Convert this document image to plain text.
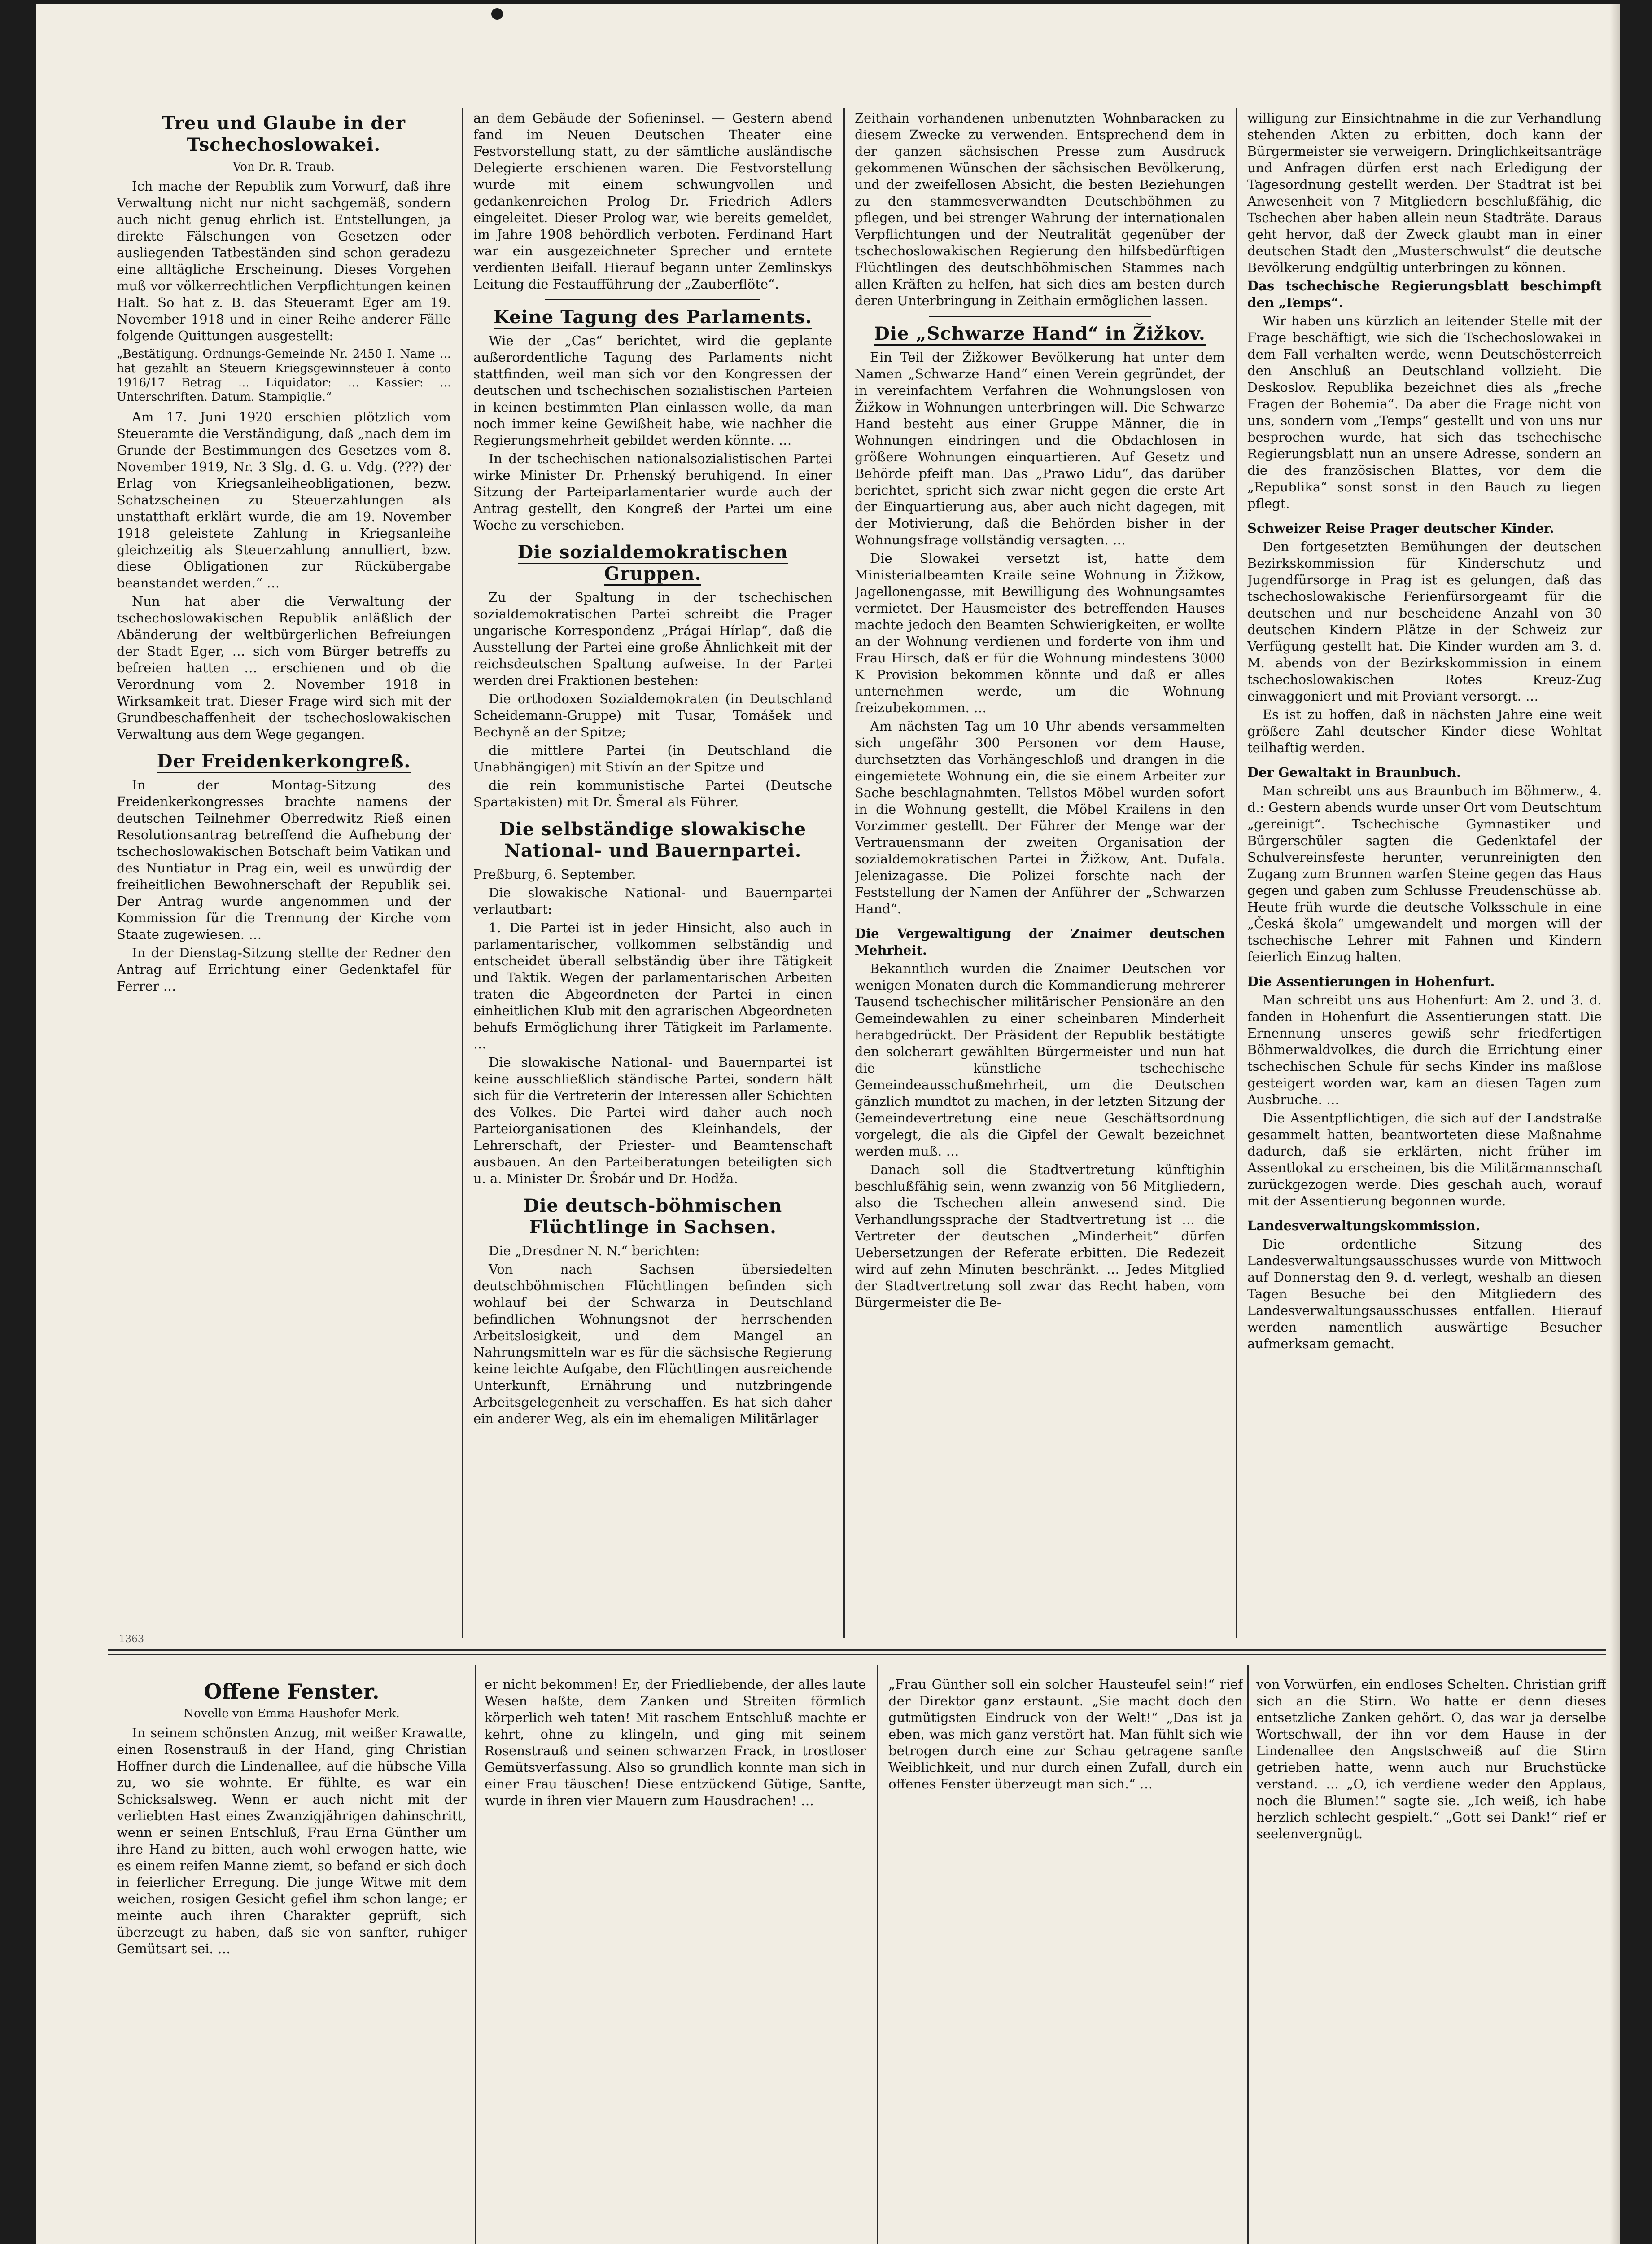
1363
Treu und Glaube in der Tschechoslowakei.
Von Dr. R. Traub.

Ich mache der Republik zum Vorwurf, daß ihre Verwaltung nicht nur nicht sachgemäß, sondern auch nicht genug ehrlich ist. Entstellungen, ja direkte Fälschungen von Gesetzen oder ausliegenden Tatbeständen sind schon geradezu eine alltägliche Erscheinung. Dieses Vorgehen muß vor völkerrechtlichen Verpflichtungen keinen Halt. So hat z. B. das Steueramt Eger am 19. November 1918 und in einer Reihe anderer Fälle folgende Quittungen ausgestellt:

„Bestätigung. Ordnungs-Gemeinde Nr. 2450 I. Name ... hat gezahlt an Steuern Kriegsgewinnsteuer à conto 1916/17 Betrag ... Liquidator: ... Kassier: ... Unterschriften. Datum. Stampiglie.“

Am 17. Juni 1920 erschien plötzlich vom Steueramte die Verständigung, daß „nach dem im Grunde der Bestimmungen des Gesetzes vom 8. November 1919, Nr. 3 Slg. d. G. u. Vdg. (???) der Erlag von Kriegsanleiheobligationen, bezw. Schatzscheinen zu Steuerzahlungen als unstatthaft erklärt wurde, die am 19. November 1918 geleistete Zahlung in Kriegsanleihe gleichzeitig als Steuerzahlung annulliert, bzw. diese Obligationen zur Rückübergabe beanstandet werden.“ …

Nun hat aber die Verwaltung der tschechoslowakischen Republik anläßlich der Abänderung der weltbürgerlichen Befreiungen der Stadt Eger, … sich vom Bürger betreffs zu befreien hatten … erschienen und ob die Verordnung vom 2. November 1918 in Wirksamkeit trat. Dieser Frage wird sich mit der Grundbeschaffenheit der tschechoslowakischen Verwaltung aus dem Wege gegangen.

Der Freidenkerkongreß.

In der Montag-Sitzung des Freidenkerkongresses brachte namens der deutschen Teilnehmer Oberredwitz Rieß einen Resolutionsantrag betreffend die Aufhebung der tschechoslowakischen Botschaft beim Vatikan und des Nuntiatur in Prag ein, weil es unwürdig der freiheitlichen Bewohnerschaft der Republik sei. Der Antrag wurde angenommen und der Kommission für die Trennung der Kirche vom Staate zugewiesen. …

In der Dienstag-Sitzung stellte der Redner den Antrag auf Errichtung einer Gedenktafel für Ferrer …

an dem Gebäude der Sofieninsel. — Gestern abend fand im Neuen Deutschen Theater eine Festvorstellung statt, zu der sämtliche ausländische Delegierte erschienen waren. Die Festvorstellung wurde mit einem schwungvollen und gedankenreichen Prolog Dr. Friedrich Adlers eingeleitet. Dieser Prolog war, wie bereits gemeldet, im Jahre 1908 behördlich verboten. Ferdinand Hart war ein ausgezeichneter Sprecher und erntete verdienten Beifall. Hierauf begann unter Zemlinskys Leitung die Festaufführung der „Zauberflöte“.

Keine Tagung des Parlaments.

Wie der „Cas“ berichtet, wird die geplante außerordentliche Tagung des Parlaments nicht stattfinden, weil man sich vor den Kongressen der deutschen und tschechischen sozialistischen Parteien in keinen bestimmten Plan einlassen wolle, da man noch immer keine Gewißheit habe, wie nachher die Regierungsmehrheit gebildet werden könnte. …

In der tschechischen nationalsozialistischen Partei wirke Minister Dr. Prhenský beruhigend. In einer Sitzung der Parteiparlamentarier wurde auch der Antrag gestellt, den Kongreß der Partei um eine Woche zu verschieben.

Die sozialdemokratischen Gruppen.

Zu der Spaltung in der tschechischen sozialdemokratischen Partei schreibt die Prager ungarische Korrespondenz „Prágai Hírlap“, daß die Ausstellung der Partei eine große Ähnlichkeit mit der reichsdeutschen Spaltung aufweise. In der Partei werden drei Fraktionen bestehen:

Die orthodoxen Sozialdemokraten (in Deutschland Scheidemann-Gruppe) mit Tusar, Tomášek und Bechyně an der Spitze;

die mittlere Partei (in Deutschland die Unabhängigen) mit Stivín an der Spitze und

die rein kommunistische Partei (Deutsche Spartakisten) mit Dr. Šmeral als Führer.

Die selbständige slowakische National- und Bauernpartei.

Preßburg, 6. September.

Die slowakische National- und Bauernpartei verlautbart:

1. Die Partei ist in jeder Hinsicht, also auch in parlamentarischer, vollkommen selbständig und entscheidet überall selbständig über ihre Tätigkeit und Taktik. Wegen der parlamentarischen Arbeiten traten die Abgeordneten der Partei in einen einheitlichen Klub mit den agrarischen Abgeordneten behufs Ermöglichung ihrer Tätigkeit im Parlamente. …

Die slowakische National- und Bauernpartei ist keine ausschließlich ständische Partei, sondern hält sich für die Vertreterin der Interessen aller Schichten des Volkes. Die Partei wird daher auch noch Parteiorganisationen des Kleinhandels, der Lehrerschaft, der Priester- und Beamtenschaft ausbauen. An den Parteiberatungen beteiligten sich u. a. Minister Dr. Šrobár und Dr. Hodža.

Die deutsch-böhmischen Flüchtlinge in Sachsen.

Die „Dresdner N. N.“ berichten:

Von nach Sachsen übersiedelten deutschböhmischen Flüchtlingen befinden sich wohlauf bei der Schwarza in Deutschland befindlichen Wohnungsnot der herrschenden Arbeitslosigkeit, und dem Mangel an Nahrungsmitteln war es für die sächsische Regierung keine leichte Aufgabe, den Flüchtlingen ausreichende Unterkunft, Ernährung und nutzbringende Arbeitsgelegenheit zu verschaffen. Es hat sich daher ein anderer Weg, als ein im ehemaligen Militärlager

Zeithain vorhandenen unbenutzten Wohnbaracken zu diesem Zwecke zu verwenden. Entsprechend dem in der ganzen sächsischen Presse zum Ausdruck gekommenen Wünschen der sächsischen Bevölkerung, und der zweifellosen Absicht, die besten Beziehungen zu den stammesverwandten Deutschböhmen zu pflegen, und bei strenger Wahrung der internationalen Verpflichtungen und der Neutralität gegenüber der tschechoslowakischen Regierung den hilfsbedürftigen Flüchtlingen des deutschböhmischen Stammes nach allen Kräften zu helfen, hat sich dies am besten durch deren Unterbringung in Zeithain ermöglichen lassen.

Die „Schwarze Hand“ in Žižkov.

Ein Teil der Žižkower Bevölkerung hat unter dem Namen „Schwarze Hand“ einen Verein gegründet, der in vereinfachtem Verfahren die Wohnungslosen von Žižkow in Wohnungen unterbringen will. Die Schwarze Hand besteht aus einer Gruppe Männer, die in Wohnungen eindringen und die Obdachlosen in größere Wohnungen einquartieren. Auf Gesetz und Behörde pfeift man. Das „Prawo Lidu“, das darüber berichtet, spricht sich zwar nicht gegen die erste Art der Einquartierung aus, aber auch nicht dagegen, mit der Motivierung, daß die Behörden bisher in der Wohnungsfrage vollständig versagten. …

Die Slowakei versetzt ist, hatte dem Ministerialbeamten Kraile seine Wohnung in Žižkow, Jagellonengasse, mit Bewilligung des Wohnungsamtes vermietet. Der Hausmeister des betreffenden Hauses machte jedoch den Beamten Schwierigkeiten, er wollte an der Wohnung verdienen und forderte von ihm und Frau Hirsch, daß er für die Wohnung mindestens 3000 K Provision bekommen könnte und daß er alles unternehmen werde, um die Wohnung freizubekommen. …

Am nächsten Tag um 10 Uhr abends versammelten sich ungefähr 300 Personen vor dem Hause, durchsetzten das Vorhängeschloß und drangen in die eingemietete Wohnung ein, die sie einem Arbeiter zur Sache beschlagnahmten. Tellstos Möbel wurden sofort in die Wohnung gestellt, die Möbel Krailens in den Vorzimmer gestellt. Der Führer der Menge war der Vertrauensmann der zweiten Organisation der sozialdemokratischen Partei in Žižkow, Ant. Dufala. Jelenizagasse. Die Polizei forschte nach der Feststellung der Namen der Anführer der „Schwarzen Hand“.

Die Vergewaltigung der Znaimer deutschen Mehrheit.

Bekanntlich wurden die Znaimer Deutschen vor wenigen Monaten durch die Kommandierung mehrerer Tausend tschechischer militärischer Pensionäre an den Gemeindewahlen zu einer scheinbaren Minderheit herabgedrückt. Der Präsident der Republik bestätigte den solcherart gewählten Bürgermeister und nun hat die künstliche tschechische Gemeindeausschußmehrheit, um die Deutschen gänzlich mundtot zu machen, in der letzten Sitzung der Gemeindevertretung eine neue Geschäftsordnung vorgelegt, die als die Gipfel der Gewalt bezeichnet werden muß. …

Danach soll die Stadtvertretung künftighin beschlußfähig sein, wenn zwanzig von 56 Mitgliedern, also die Tschechen allein anwesend sind. Die Verhandlungssprache der Stadtvertretung ist … die Vertreter der deutschen „Minderheit“ dürfen Uebersetzungen der Referate erbitten. Die Redezeit wird auf zehn Minuten beschränkt. … Jedes Mitglied der Stadtvertretung soll zwar das Recht haben, vom Bürgermeister die Be-

willigung zur Einsichtnahme in die zur Verhandlung stehenden Akten zu erbitten, doch kann der Bürgermeister sie verweigern. Dringlichkeitsanträge und Anfragen dürfen erst nach Erledigung der Tagesordnung gestellt werden. Der Stadtrat ist bei Anwesenheit von 7 Mitgliedern beschlußfähig, die Tschechen aber haben allein neun Stadträte. Daraus geht hervor, daß der Zweck glaubt man in einer deutschen Stadt den „Musterschwulst“ die deutsche Bevölkerung endgültig unterbringen zu können.

Das tschechische Regierungsblatt beschimpft den „Temps“.

Wir haben uns kürzlich an leitender Stelle mit der Frage beschäftigt, wie sich die Tschechoslowakei in dem Fall verhalten werde, wenn Deutschösterreich den Anschluß an Deutschland vollzieht. Die Deskoslov. Republika bezeichnet dies als „freche Fragen der Bohemia“. Da aber die Frage nicht von uns, sondern vom „Temps“ gestellt und von uns nur besprochen wurde, hat sich das tschechische Regierungsblatt nun an unsere Adresse, sondern an die des französischen Blattes, vor dem die „Republika“ sonst sonst in den Bauch zu liegen pflegt.

Schweizer Reise Prager deutscher Kinder.

Den fortgesetzten Bemühungen der deutschen Bezirkskommission für Kinderschutz und Jugendfürsorge in Prag ist es gelungen, daß das tschechoslowakische Ferienfürsorgeamt für die deutschen und nur bescheidene Anzahl von 30 deutschen Kindern Plätze in der Schweiz zur Verfügung gestellt hat. Die Kinder wurden am 3. d. M. abends von der Bezirkskommission in einem tschechoslowakischen Rotes Kreuz-Zug einwaggoniert und mit Proviant versorgt. …

Es ist zu hoffen, daß in nächsten Jahre eine weit größere Zahl deutscher Kinder diese Wohltat teilhaftig werden.

Der Gewaltakt in Braunbuch.

Man schreibt uns aus Braunbuch im Böhmerw., 4. d.: Gestern abends wurde unser Ort vom Deutschtum „gereinigt“. Tschechische Gymnastiker und Bürgerschüler sagten die Gedenktafel der Schulvereinsfeste herunter, verunreinigten den Zugang zum Brunnen warfen Steine gegen das Haus gegen und gaben zum Schlusse Freudenschüsse ab. Heute früh wurde die deutsche Volksschule in eine „Česká škola“ umgewandelt und morgen will der tschechische Lehrer mit Fahnen und Kindern feierlich Einzug halten.

Die Assentierungen in Hohenfurt.

Man schreibt uns aus Hohenfurt: Am 2. und 3. d. fanden in Hohenfurt die Assentierungen statt. Die Ernennung unseres gewiß sehr friedfertigen Böhmerwaldvolkes, die durch die Errichtung einer tschechischen Schule für sechs Kinder ins maßlose gesteigert worden war, kam an diesen Tagen zum Ausbruche. …

Die Assentpflichtigen, die sich auf der Landstraße gesammelt hatten, beantworteten diese Maßnahme dadurch, daß sie erklärten, nicht früher im Assentlokal zu erscheinen, bis die Militärmannschaft zurückgezogen werde. Dies geschah auch, worauf mit der Assentierung begonnen wurde.

Landesverwaltungskommission.

Die ordentliche Sitzung des Landesverwaltungsausschusses wurde von Mittwoch auf Donnerstag den 9. d. verlegt, weshalb an diesen Tagen Besuche bei den Mitgliedern des Landesverwaltungsausschusses entfallen. Hierauf werden namentlich auswärtige Besucher aufmerksam gemacht.

Offene Fenster.
Novelle von Emma Haushofer-Merk.

In seinem schönsten Anzug, mit weißer Krawatte, einen Rosenstrauß in der Hand, ging Christian Hoffner durch die Lindenallee, auf die hübsche Villa zu, wo sie wohnte. Er fühlte, es war ein Schicksalsweg. Wenn er auch nicht mit der verliebten Hast eines Zwanzigjährigen dahinschritt, wenn er seinen Entschluß, Frau Erna Günther um ihre Hand zu bitten, auch wohl erwogen hatte, wie es einem reifen Manne ziemt, so befand er sich doch in feierlicher Erregung. Die junge Witwe mit dem weichen, rosigen Gesicht gefiel ihm schon lange; er meinte auch ihren Charakter geprüft, sich überzeugt zu haben, daß sie von sanfter, ruhiger Gemütsart sei. …

er nicht bekommen! Er, der Friedliebende, der alles laute Wesen haßte, dem Zanken und Streiten förmlich körperlich weh taten! Mit raschem Entschluß machte er kehrt, ohne zu klingeln, und ging mit seinem Rosenstrauß und seinen schwarzen Frack, in trostloser Gemütsverfassung. Also so grundlich konnte man sich in einer Frau täuschen! Diese entzückend Gütige, Sanfte, wurde in ihren vier Mauern zum Hausdrachen! …

„Frau Günther soll ein solcher Hausteufel sein!“ rief der Direktor ganz erstaunt. „Sie macht doch den gutmütigsten Eindruck von der Welt!“ „Das ist ja eben, was mich ganz verstört hat. Man fühlt sich wie betrogen durch eine zur Schau getragene sanfte Weiblichkeit, und nur durch einen Zufall, durch ein offenes Fenster überzeugt man sich.“ …

von Vorwürfen, ein endloses Schelten. Christian griff sich an die Stirn. Wo hatte er denn dieses entsetzliche Zanken gehört. O, das war ja derselbe Wortschwall, der ihn vor dem Hause in der Lindenallee den Angstschweiß auf die Stirn getrieben hatte, wenn auch nur Bruchstücke verstand. … „O, ich verdiene weder den Applaus, noch die Blumen!“ sagte sie. „Ich weiß, ich habe herzlich schlecht gespielt.“ „Gott sei Dank!“ rief er seelenvergnügt.
